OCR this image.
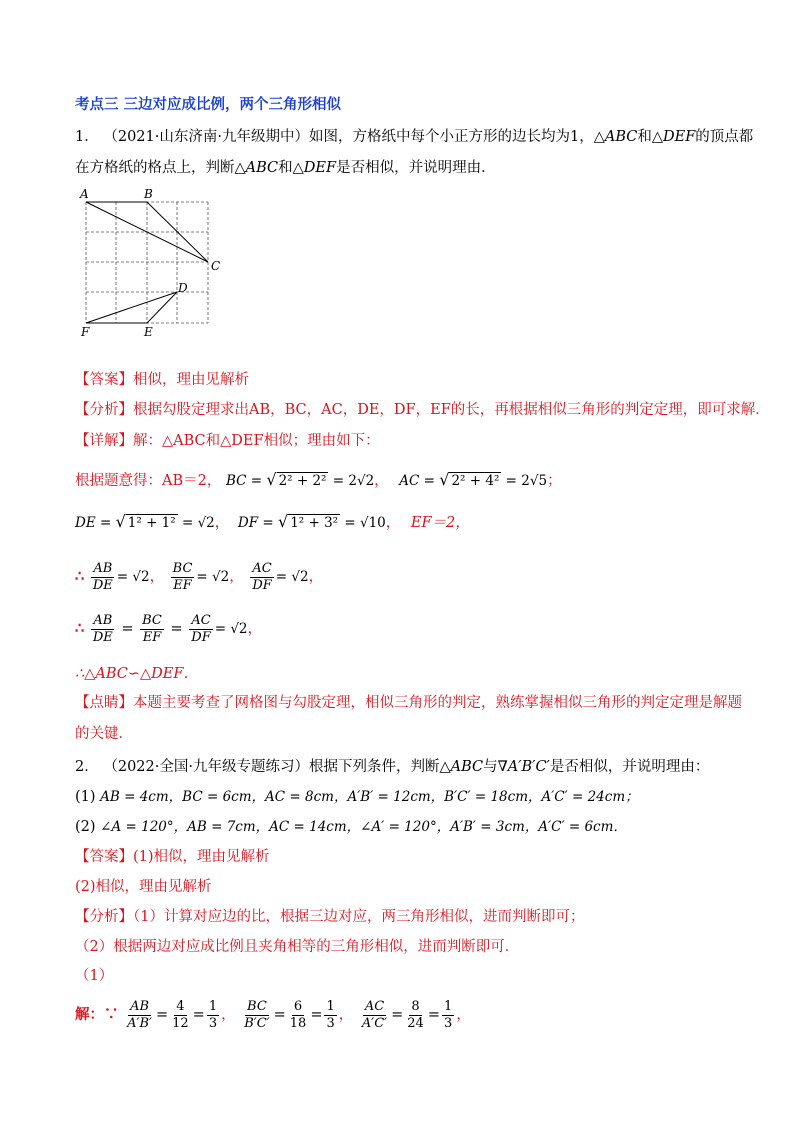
考点三 三边对应成比例，两个三角形相似
1． （2021·山东济南·九年级期中）如图，方格纸中每个小正方形的边长均为1，△ABC和△DEF的顶点都
在方格纸的格点上，判断△ABC和△DEF是否相似，并说明理由．
A	B
C
D
E
F
【答案】相似，理由见解析
【分析】根据勾股定理求出AB，BC，AC，DE，DF，EF的长，再根据相似三角形的判定定理，即可求解．
【详解】解：△ABC和△DEF相似；理由如下：
根据题意得：AB＝2， BC = √ 2² + 2² = 2√2， AC = √ 2² + 4² = 2√5；
DE = √ 1² + 1² = √2， DF = √ 1² + 3² = √10， EF＝2，
∴ $\frac{AB}{DE} = √2$， $\frac{BC}{EF} = √2$， $\frac{AC}{DF} = √2$，
∴ $\frac{AB}{DE} = \frac{BC}{EF} = \frac{AC}{DF} = √2$，
∴△ABC∽△DEF．
【点睛】本题主要考查了网格图与勾股定理，相似三角形的判定，熟练掌握相似三角形的判定定理是解题
的关键．
2． （2022·全国·九年级专题练习）根据下列条件，判断△ABC与∇A′B′C′是否相似，并说明理由：
(1) AB = 4cm，BC = 6cm，AC = 8cm，A′B′ = 12cm，B′C′ = 18cm，A′C′ = 24cm；
(2) ∠A = 120°，AB = 7cm，AC = 14cm，∠A′ = 120°，A′B′ = 3cm，A′C′ = 6cm．
【答案】(1)相似，理由见解析
(2)相似，理由见解析
【分析】（1）计算对应边的比，根据三边对应，两三角形相似，进而判断即可；
（2）根据两边对应成比例且夹角相等的三角形相似，进而判断即可．
（1）
解：∵ $\frac{AB}{A'B'} = \frac{4}{12} = \frac{1}{3}$ ， $\frac{BC}{B'C'} = \frac{6}{18} = \frac{1}{3}$ ， $\frac{AC}{A'C'} = \frac{8}{24} = \frac{1}{3}$ ，
